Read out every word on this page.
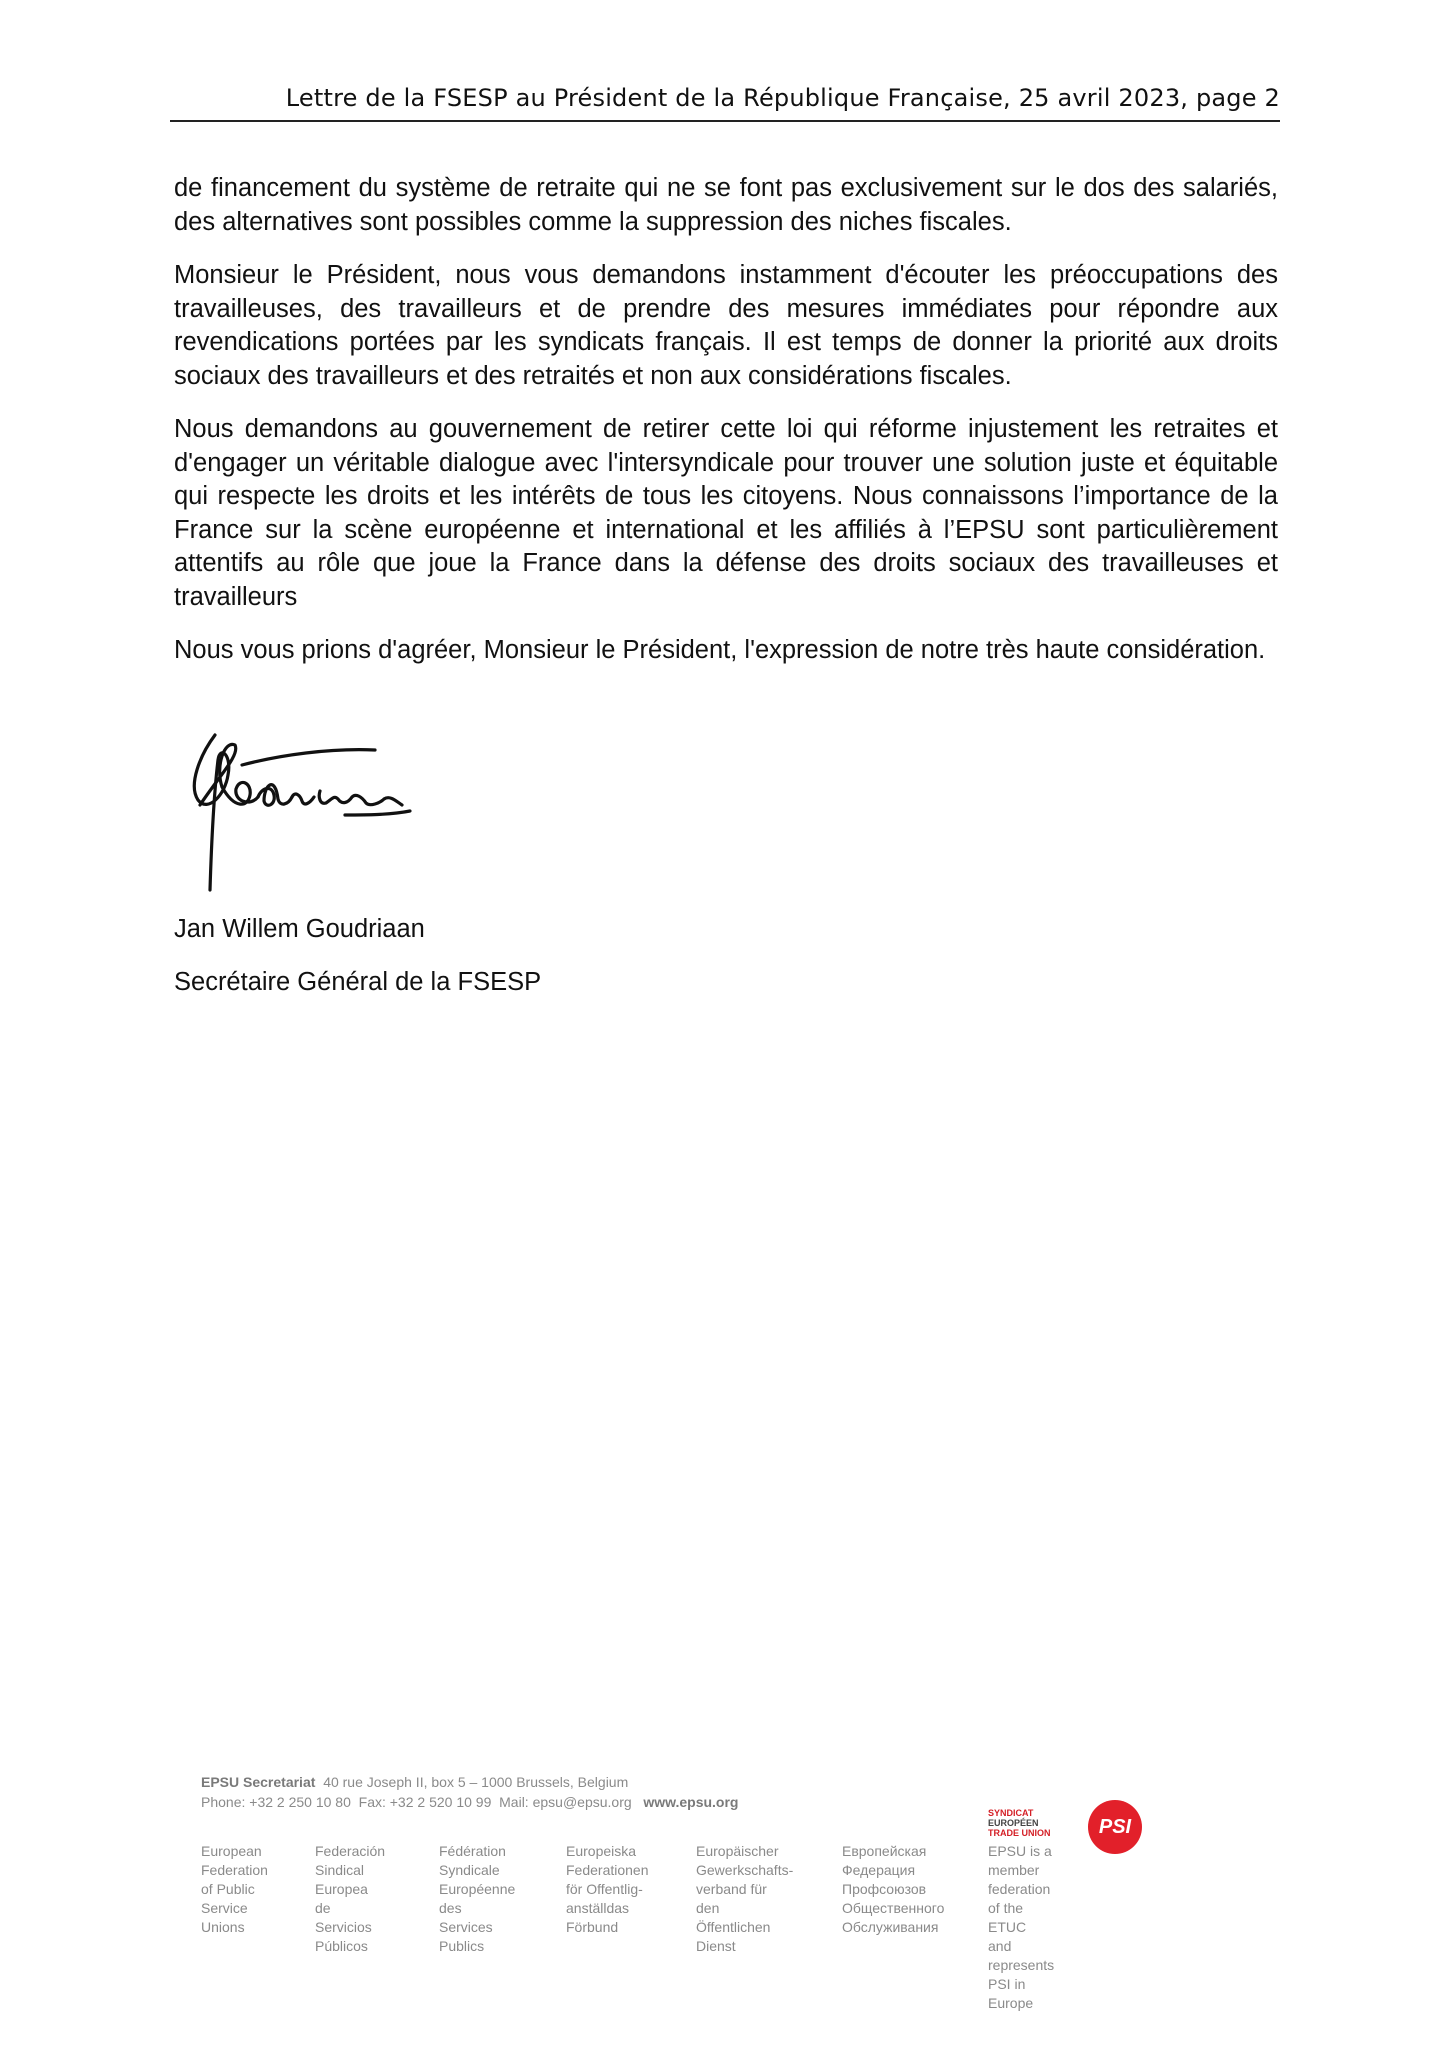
Lettre de la FSESP au Président de la République Française, 25 avril 2023, page 2

de financement du système de retraite qui ne se font pas exclusivement sur le dos des salariés, des alternatives sont possibles comme la suppression des niches fiscales.

Monsieur le Président, nous vous demandons instamment d'écouter les préoccupations des travailleuses, des travailleurs et de prendre des mesures immédiates pour répondre aux revendications portées par les syndicats français. Il est temps de donner la priorité aux droits sociaux des travailleurs et des retraités et non aux considérations fiscales.

Nous demandons au gouvernement de retirer cette loi qui réforme injustement les retraites et d'engager un véritable dialogue avec l'intersyndicale pour trouver une solution juste et équitable qui respecte les droits et les intérêts de tous les citoyens. Nous connaissons l’importance de la France sur la scène européenne et international et les affiliés à l’EPSU sont particulièrement attentifs au rôle que joue la France dans la défense des droits sociaux des travailleuses et travailleurs

Nous vous prions d'agréer, Monsieur le Président, l'expression de notre très haute considération.

Goudriaan
Jan Willem Goudriaan
Secrétaire Général de la FSESP
EPSU Secretariat 40 rue Joseph II, box 5 – 1000 Brussels, Belgium
Phone: +32 2 250 10 80 Fax: +32 2 520 10 99 Mail: epsu@epsu.org www.epsu.org
SYNDICAT
EUROPÉEN
TRADE UNION	PSI
European
Federation
of Public
Service
Unions
Federación
Sindical
Europea
de Servicios
Públicos
Fédération
Syndicale
Européenne
des Services
Publics
Europeiska
Federationen
för Offentlig-
anställdas
Förbund
Europäischer
Gewerkschafts-
verband für den
Öffentlichen
Dienst
Европейская
Федерация
Профсоюзов
Общественного
Обслуживания
EPSU is a member
federation of the ETUC
and represents
PSI in Europe
